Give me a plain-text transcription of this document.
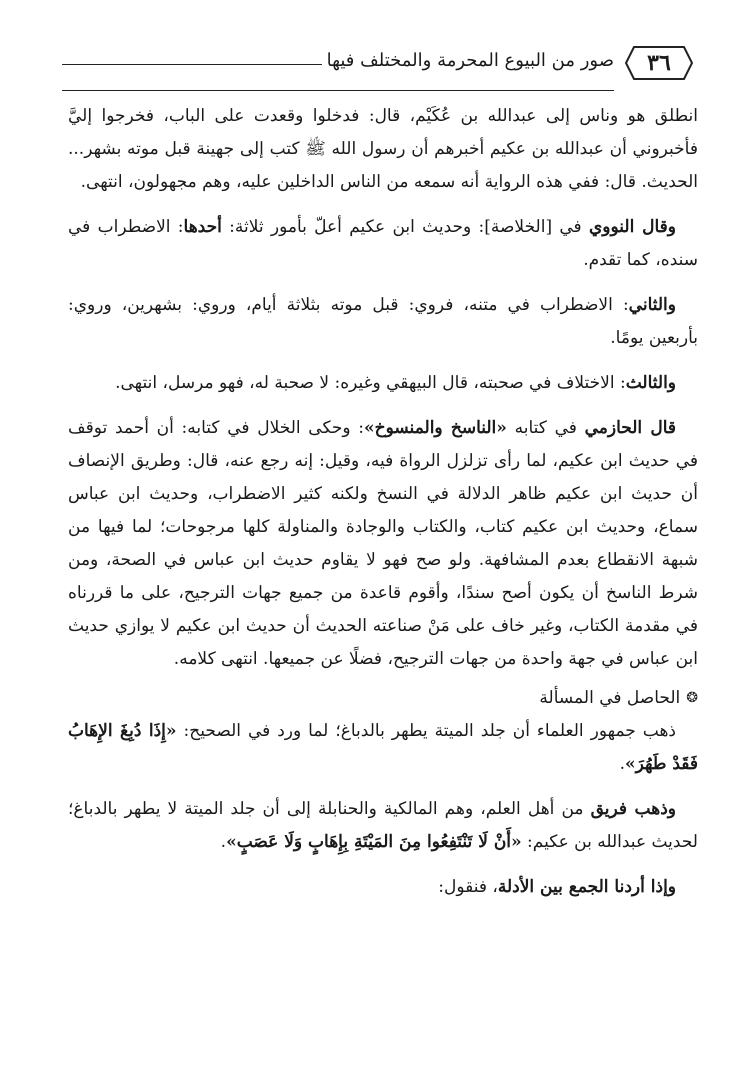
صور من البيوع المحرمة والمختلف فيها ٣٦

انطلق هو وناس إلى عبدالله بن عُكَيْم، قال: فدخلوا وقعدت على الباب، فخرجوا إليَّ فأخبروني أن عبدالله بن عكيم أخبرهم أن رسول الله ﷺ كتب إلى جهينة قبل موته بشهر... الحديث. قال: ففي هذه الرواية أنه سمعه من الناس الداخلين عليه، وهم مجهولون، انتهى.

وقال النووي في [الخلاصة]: وحديث ابن عكيم أعلّ بأمور ثلاثة: أحدها: الاضطراب في سنده، كما تقدم.

والثاني: الاضطراب في متنه، فروي: قبل موته بثلاثة أيام، وروي: بشهرين، وروي: بأربعين يومًا.

والثالث: الاختلاف في صحبته، قال البيهقي وغيره: لا صحبة له، فهو مرسل، انتهى.

قال الحازمي في كتابه «الناسخ والمنسوخ»: وحكى الخلال في كتابه: أن أحمد توقف في حديث ابن عكيم، لما رأى تزلزل الرواة فيه، وقيل: إنه رجع عنه، قال: وطريق الإنصاف أن حديث ابن عكيم ظاهر الدلالة في النسخ ولكنه كثير الاضطراب، وحديث ابن عباس سماع، وحديث ابن عكيم كتاب، والكتاب والوجادة والمناولة كلها مرجوحات؛ لما فيها من شبهة الانقطاع بعدم المشافهة. ولو صح فهو لا يقاوم حديث ابن عباس في الصحة، ومن شرط الناسخ أن يكون أصح سندًا، وأقوم قاعدة من جميع جهات الترجيح، على ما قررناه في مقدمة الكتاب، وغير خاف على مَنْ صناعته الحديث أن حديث ابن عكيم لا يوازي حديث ابن عباس في جهة واحدة من جهات الترجيح، فضلًا عن جميعها. انتهى كلامه.

❂
الحاصل في المسألة

ذهب جمهور العلماء أن جلد الميتة يطهر بالدباغ؛ لما ورد في الصحيح: «إِذَا دُبِغَ الإِهَابُ فَقَدْ طَهُرَ».

وذهب فريق من أهل العلم، وهم المالكية والحنابلة إلى أن جلد الميتة لا يطهر بالدباغ؛ لحديث عبدالله بن عكيم: «أَنْ لَا تَنْتَفِعُوا مِنَ المَيْتَةِ بِإِهَابٍ وَلَا عَصَبٍ».

وإذا أردنا الجمع بين الأدلة، فنقول:
